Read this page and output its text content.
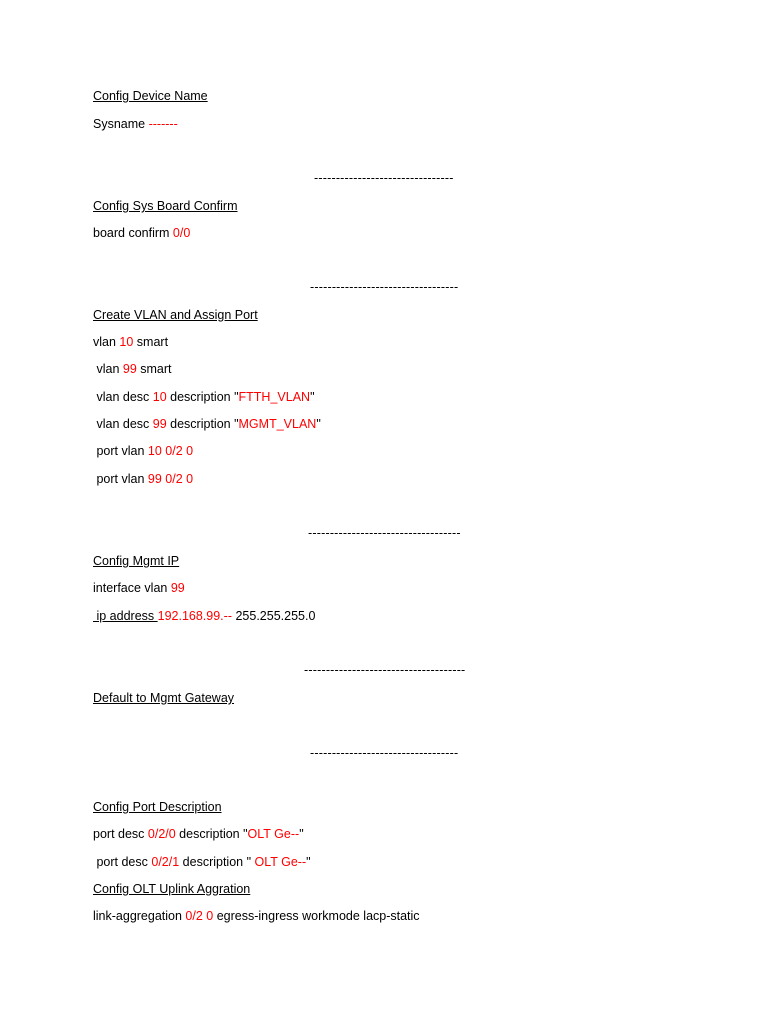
Config Device Name
Sysname -------
--------------------------------
Config Sys Board Confirm
board confirm 0/0
----------------------------------
Create VLAN and Assign Port
vlan 10 smart
vlan 99 smart
vlan desc 10 description "FTTH_VLAN"
vlan desc 99 description "MGMT_VLAN"
port vlan 10 0/2 0
port vlan 99 0/2 0
-----------------------------------
Config Mgmt IP
interface vlan 99
ip address 192.168.99.-- 255.255.255.0
-------------------------------------
Default to Mgmt Gateway
----------------------------------
Config Port Description
port desc 0/2/0 description "OLT Ge--"
port desc 0/2/1 description " OLT Ge--"
Config OLT Uplink Aggration
link-aggregation 0/2 0 egress-ingress workmode lacp-static
